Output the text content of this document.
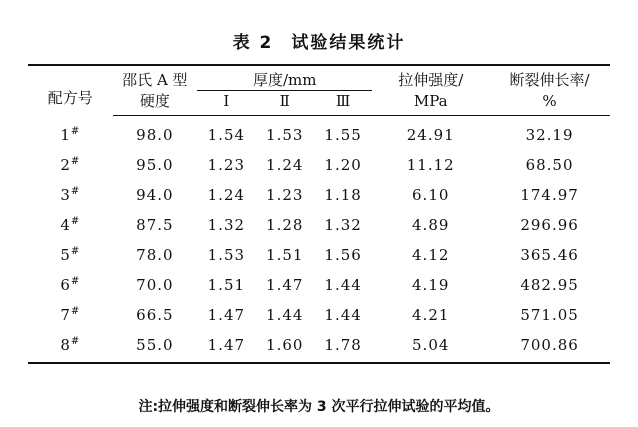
表 2 试验结果统计
配方号	邵氏 A 型	厚度/mm			拉伸强度/	断裂伸长率/
	硬度	Ⅰ	Ⅱ	Ⅲ	MPa	%
1#	98.0	1.54	1.53	1.55	24.91	32.19
2#	95.0	1.23	1.24	1.20	11.12	68.50
3#	94.0	1.24	1.23	1.18	6.10	174.97
4#	87.5	1.32	1.28	1.32	4.89	296.96
5#	78.0	1.53	1.51	1.56	4.12	365.46
6#	70.0	1.51	1.47	1.44	4.19	482.95
7#	66.5	1.47	1.44	1.44	4.21	571.05
8#	55.0	1.47	1.60	1.78	5.04	700.86
注:拉伸强度和断裂伸长率为 3 次平行拉伸试验的平均值。
